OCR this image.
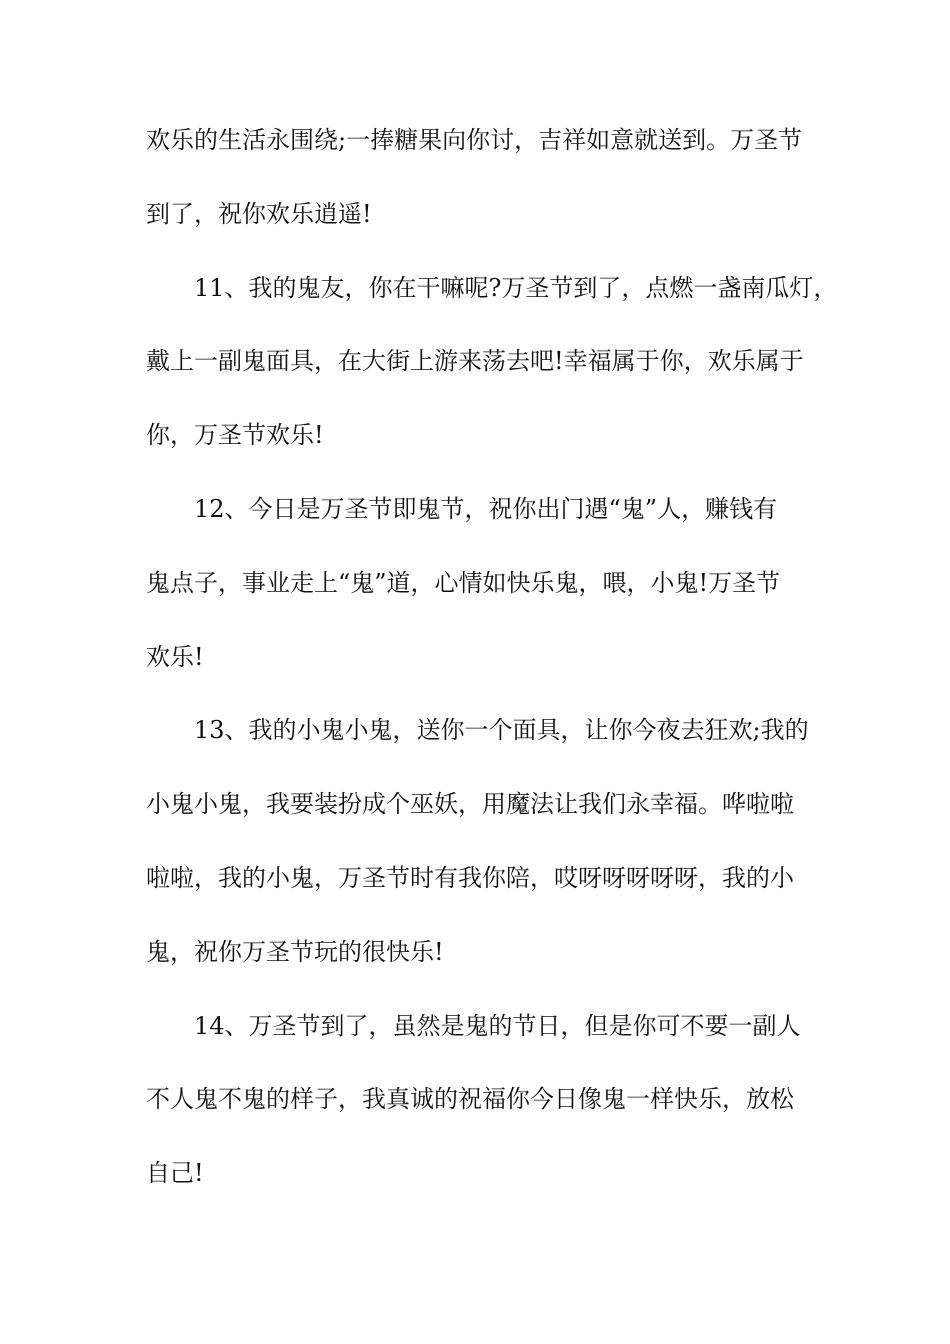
欢乐的生活永围绕;一捧糖果向你讨，吉祥如意就送到。万圣节
到了，祝你欢乐逍遥!
11、我的鬼友，你在干嘛呢?万圣节到了，点燃一盏南瓜灯，
戴上一副鬼面具，在大街上游来荡去吧!幸福属于你，欢乐属于
你，万圣节欢乐!
12、今日是万圣节即鬼节，祝你出门遇“鬼”人，赚钱有
鬼点子，事业走上“鬼”道，心情如快乐鬼，喂，小鬼!万圣节
欢乐!
13、我的小鬼小鬼，送你一个面具，让你今夜去狂欢;我的
小鬼小鬼，我要装扮成个巫妖，用魔法让我们永幸福。哗啦啦
啦啦，我的小鬼，万圣节时有我你陪，哎呀呀呀呀呀，我的小
鬼，祝你万圣节玩的很快乐!
14、万圣节到了，虽然是鬼的节日，但是你可不要一副人
不人鬼不鬼的样子，我真诚的祝福你今日像鬼一样快乐，放松
自己!
